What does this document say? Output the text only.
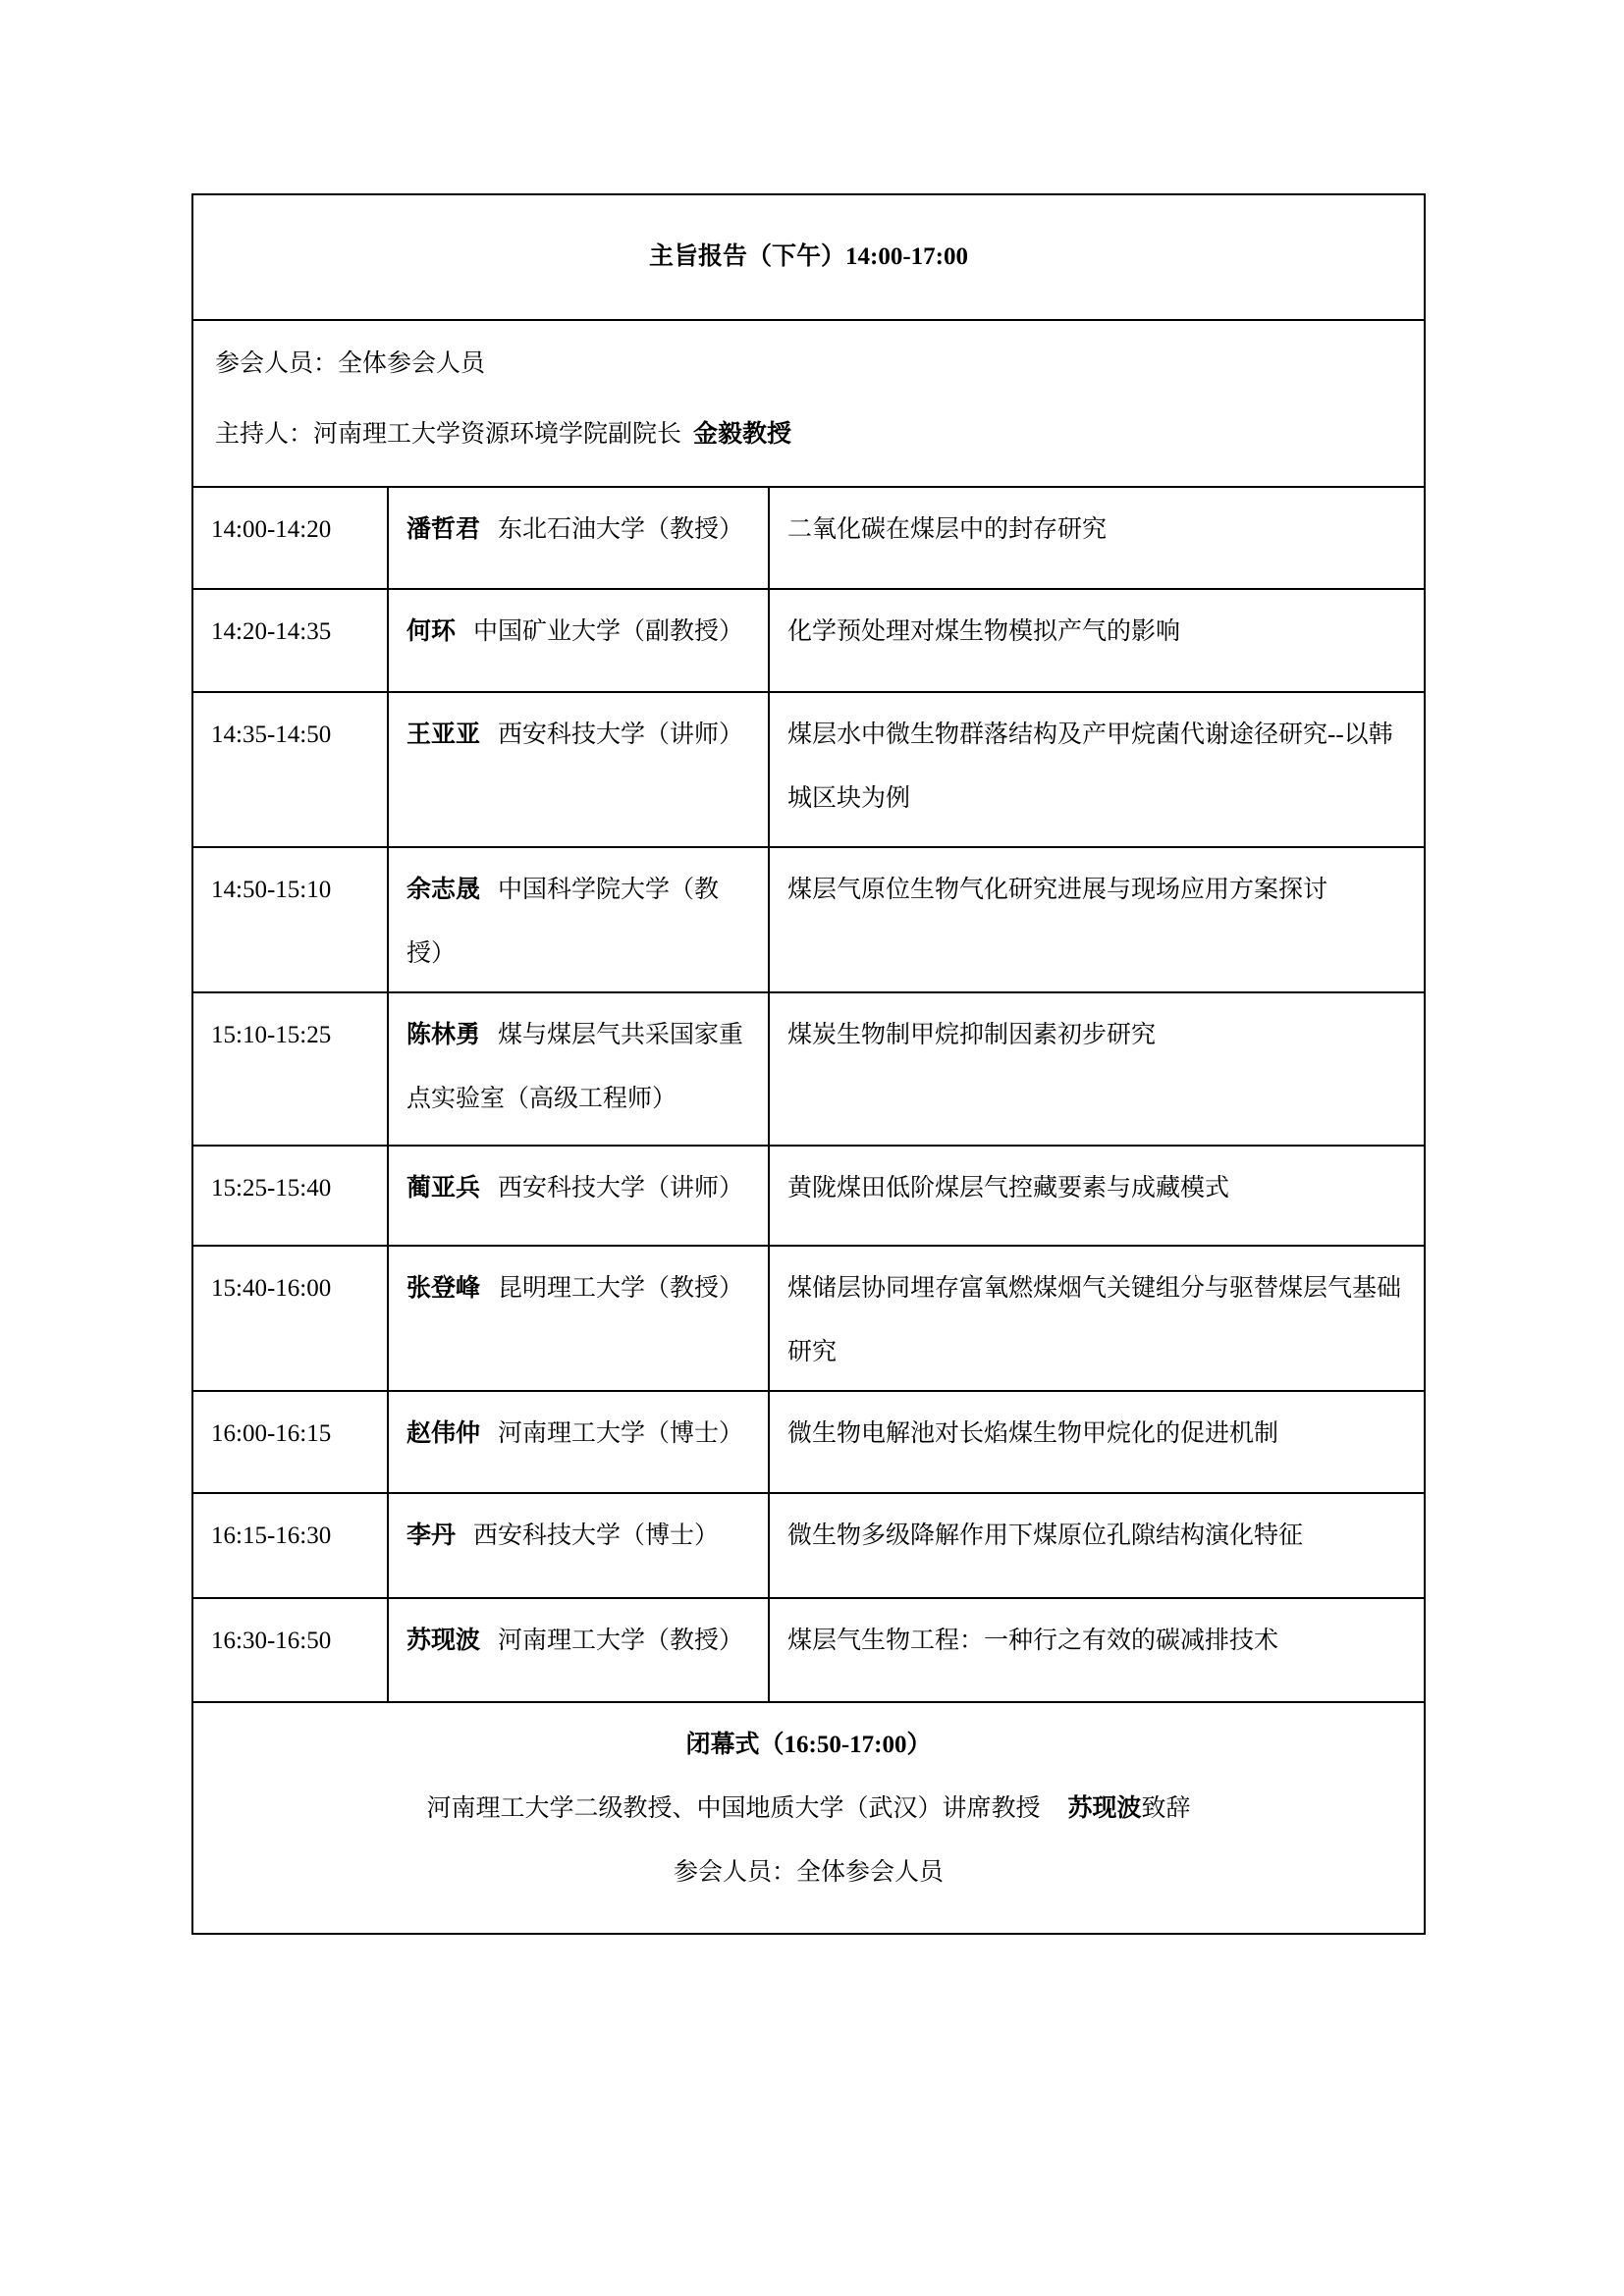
主旨报告（下午）14:00-17:00		

参会人员：全体参会人员
主持人：河南理工大学资源环境学院副院长 金毅教授		

14:00-14:20	潘哲君 东北石油大学（教授）	二氧化碳在煤层中的封存研究
14:20-14:35	何环 中国矿业大学（副教授）	化学预处理对煤生物模拟产气的影响
14:35-14:50	王亚亚 西安科技大学（讲师）	煤层水中微生物群落结构及产甲烷菌代谢途径研究--以韩城区块为例
14:50-15:10	余志晟 中国科学院大学（教授）	煤层气原位生物气化研究进展与现场应用方案探讨
15:10-15:25	陈林勇 煤与煤层气共采国家重点实验室（高级工程师）	煤炭生物制甲烷抑制因素初步研究
15:25-15:40	蔺亚兵 西安科技大学（讲师）	黄陇煤田低阶煤层气控藏要素与成藏模式
15:40-16:00	张登峰 昆明理工大学（教授）	煤储层协同埋存富氧燃煤烟气关键组分与驱替煤层气基础研究
16:00-16:15	赵伟仲 河南理工大学（博士）	微生物电解池对长焰煤生物甲烷化的促进机制
16:15-16:30	李丹 西安科技大学（博士）	微生物多级降解作用下煤原位孔隙结构演化特征
16:30-16:50	苏现波 河南理工大学（教授）	煤层气生物工程：一种行之有效的碳减排技术

闭幕式（16:50-17:00）
河南理工大学二级教授、中国地质大学（武汉）讲席教授 苏现波致辞
参会人员：全体参会人员		
